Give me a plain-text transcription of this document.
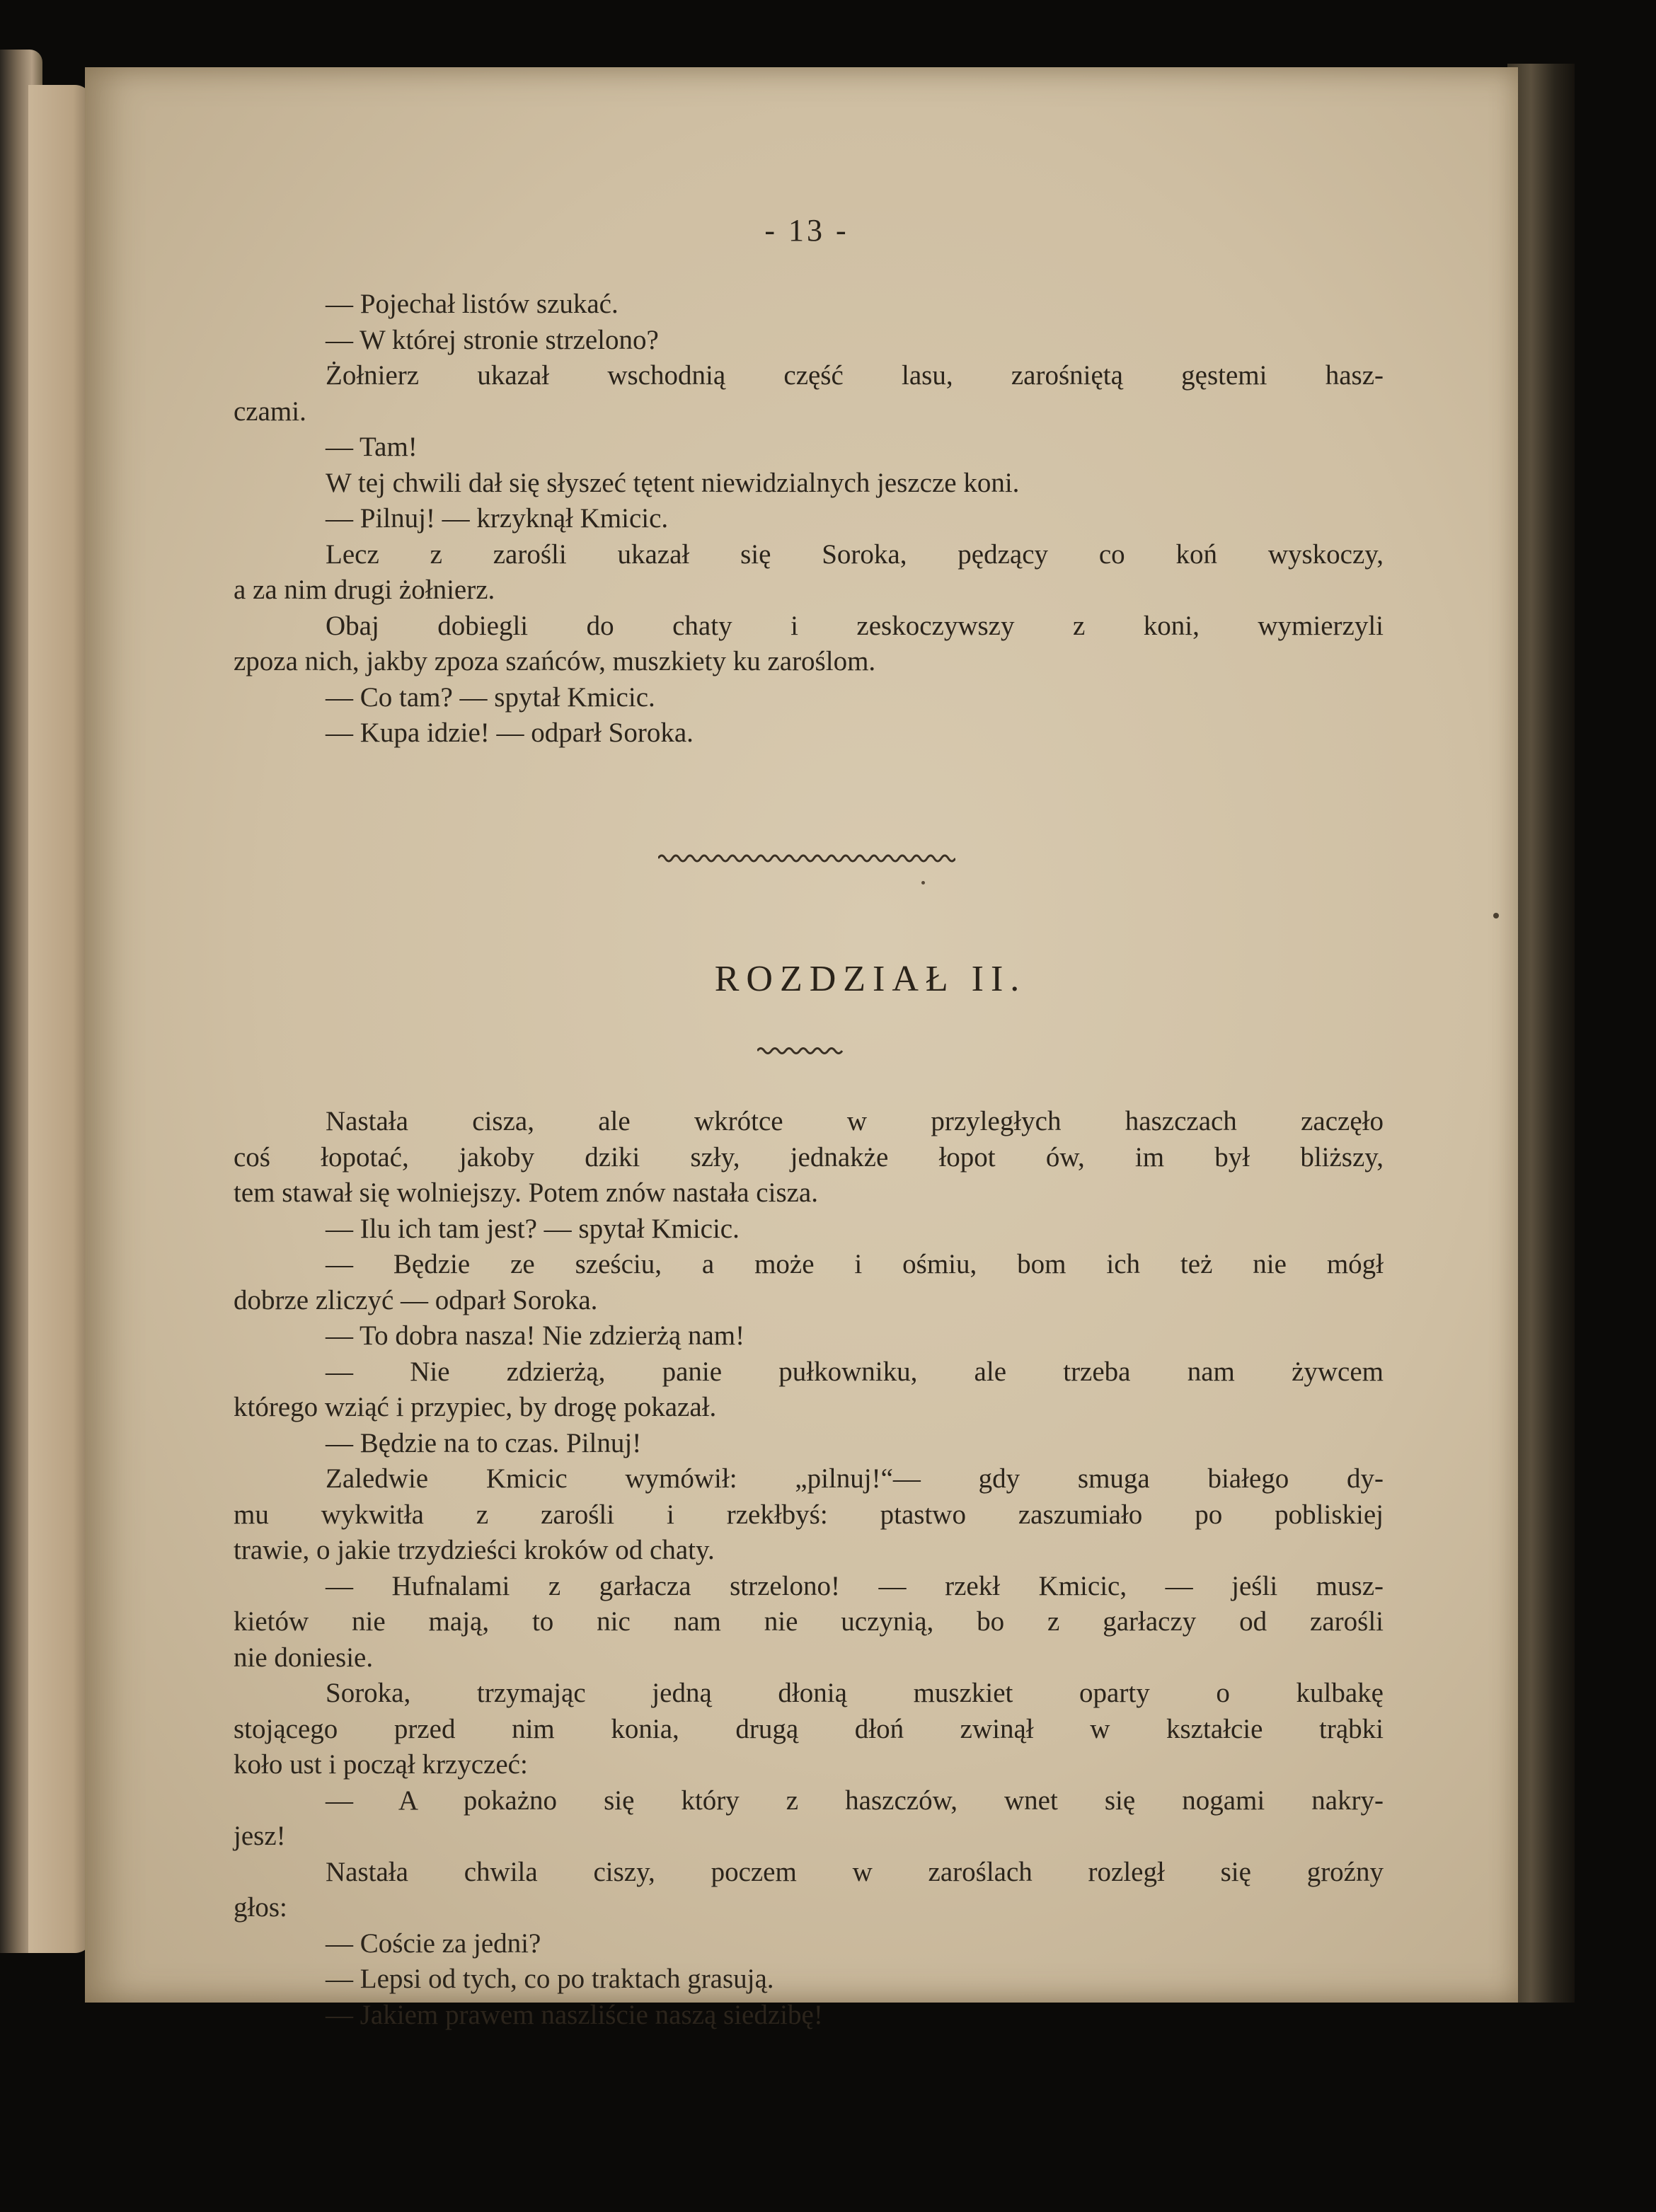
- 13 -
— Pojechał listów szukać.
— W której stronie strzelono?
Żołnierz ukazał wschodnią część lasu, zarośniętą gęstemi hasz-
czami.
— Tam!
W tej chwili dał się słyszeć tętent niewidzialnych jeszcze koni.
— Pilnuj! — krzyknął Kmicic.
Lecz z zarośli ukazał się Soroka, pędzący co koń wyskoczy,
a za nim drugi żołnierz.
Obaj dobiegli do chaty i zeskoczywszy z koni, wymierzyli
zpoza nich, jakby zpoza szańców, muszkiety ku zaroślom.
— Co tam? — spytał Kmicic.
— Kupa idzie! — odparł Soroka.
ROZDZIAŁ II.
Nastała cisza, ale wkrótce w przyległych haszczach zaczęło
coś łopotać, jakoby dziki szły, jednakże łopot ów, im był bliższy,
tem stawał się wolniejszy. Potem znów nastała cisza.
— Ilu ich tam jest? — spytał Kmicic.
— Będzie ze sześciu, a może i ośmiu, bom ich też nie mógł
dobrze zliczyć — odparł Soroka.
— To dobra nasza! Nie zdzierżą nam!
— Nie zdzierżą, panie pułkowniku, ale trzeba nam żywcem
którego wziąć i przypiec, by drogę pokazał.
— Będzie na to czas. Pilnuj!
Zaledwie Kmicic wymówił: „pilnuj!“— gdy smuga białego dy-
mu wykwitła z zarośli i rzekłbyś: ptastwo zaszumiało po pobliskiej
trawie, o jakie trzydzieści kroków od chaty.
— Hufnalami z garłacza strzelono! — rzekł Kmicic, — jeśli musz-
kietów nie mają, to nic nam nie uczynią, bo z garłaczy od zarośli
nie doniesie.
Soroka, trzymając jedną dłonią muszkiet oparty o kulbakę
stojącego przed nim konia, drugą dłoń zwinął w kształcie trąbki
koło ust i począł krzyczeć:
— A pokażno się który z haszczów, wnet się nogami nakry-
jesz!
Nastała chwila ciszy, poczem w zaroślach rozległ się groźny
głos:
— Coście za jedni?
— Lepsi od tych, co po traktach grasują.
— Jakiem prawem naszliście naszą siedzibę!
